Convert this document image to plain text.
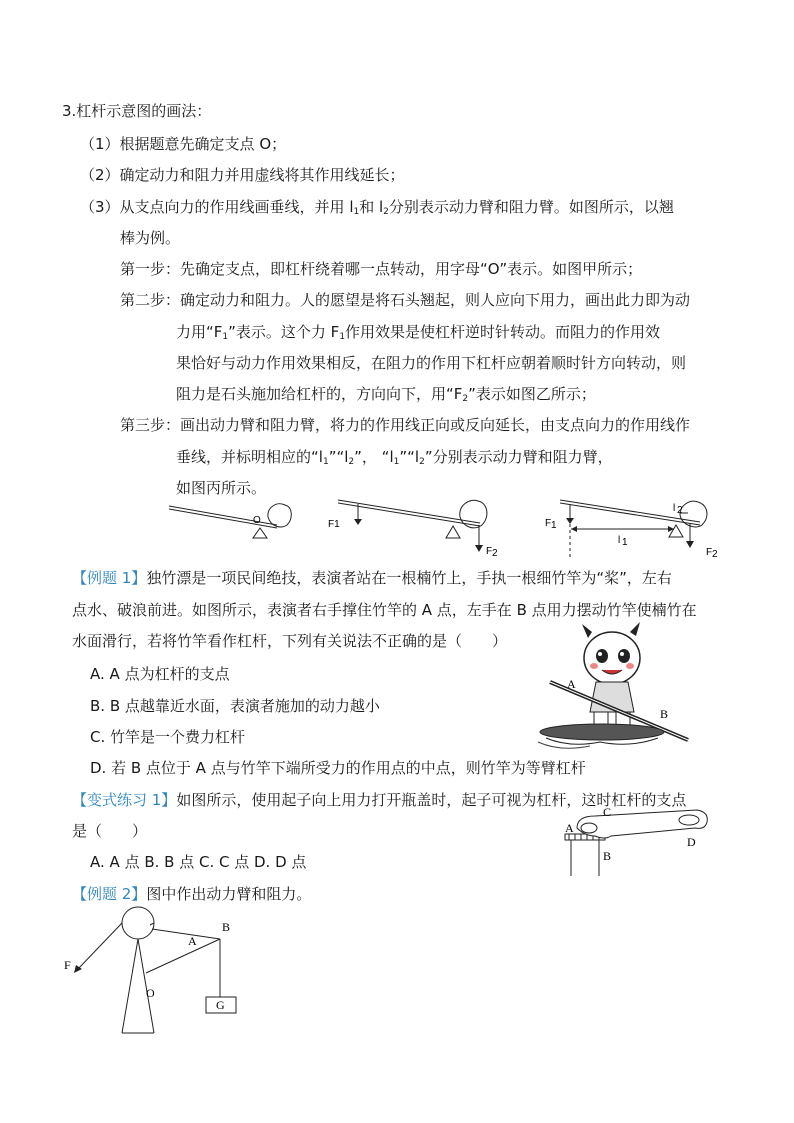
3.杠杆示意图的画法：
（1）根据题意先确定支点 O；
（2）确定动力和阻力并用虚线将其作用线延长；
（3）从支点向力的作用线画垂线，并用 $l_1$和 $l_2$分别表示动力臂和阻力臂。如图所示，以翘
棒为例。
第一步：先确定支点，即杠杆绕着哪一点转动，用字母“O”表示。如图甲所示；
第二步：确定动力和阻力。人的愿望是将石头翘起，则人应向下用力，画出此力即为动
力用“$F_1$”表示。这个力 $F_1$作用效果是使杠杆逆时针转动。而阻力的作用效
果恰好与动力作用效果相反，在阻力的作用下杠杆应朝着顺时针方向转动，则
阻力是石头施加给杠杆的，方向向下，用“$F_2$”表示如图乙所示；
第三步：画出动力臂和阻力臂，将力的作用线正向或反向延长，由支点向力的作用线作
垂线，并标明相应的“$l_1”“l_2$”， “$l_1”“l_2$”分别表示动力臂和阻力臂，
如图丙所示。
O	F1
F 2
F 1
l 1
l 2
F 2
【例题 1】独竹漂是一项民间绝技，表演者站在一根楠竹上，手执一根细竹竿为“桨”，左右
点水、破浪前进。如图所示，表演者右手撑住竹竿的 A 点，左手在 B 点用力摆动竹竿使楠竹在
水面滑行，若将竹竿看作杠杆，下列有关说法不正确的是（　　）
A. A 点为杠杆的支点
B. B 点越靠近水面，表演者施加的动力越小
C. 竹竿是一个费力杠杆
D. 若 B 点位于 A 点与竹竿下端所受力的作用点的中点，则竹竿为等臂杠杆
A
B
【变式练习 1】如图所示，使用起子向上用力打开瓶盖时，起子可视为杠杆，这时杠杆的支点
是（　　）
A. A 点 B. B 点 C. C 点 D. D 点
A
C
B
D
【例题 2】图中作出动力臂和阻力。
F
A
B
O
G
